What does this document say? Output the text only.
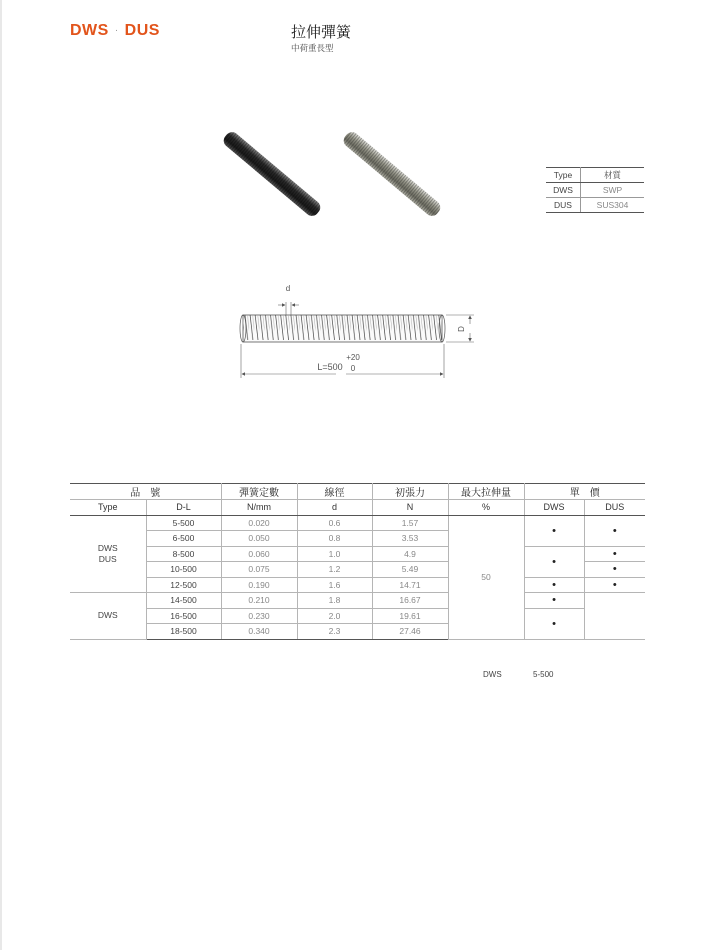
DWS · DUS	拉伸彈簧
中荷重長型
Type	材質
DWS	SWP
DUS	SUS304
d
D
L=500
+20
0
品　號		彈簧定數	線徑	初張力	最大拉伸量	單　價	
Type	D-L	N/mm	d	N	%	DWS	DUS
DWS
DUS	5-500	0.020	0.6	1.57	50	•	•
	6-500	0.050	0.8	3.53			
	8-500	0.060	1.0	4.9		•	•
	10-500	0.075	1.2	5.49			•
	12-500	0.190	1.6	14.71		•	•
DWS	14-500	0.210	1.8	16.67		•	
	16-500	0.230	2.0	19.61		•	
	18-500	0.340	2.3	27.46			
DWS	5-500
